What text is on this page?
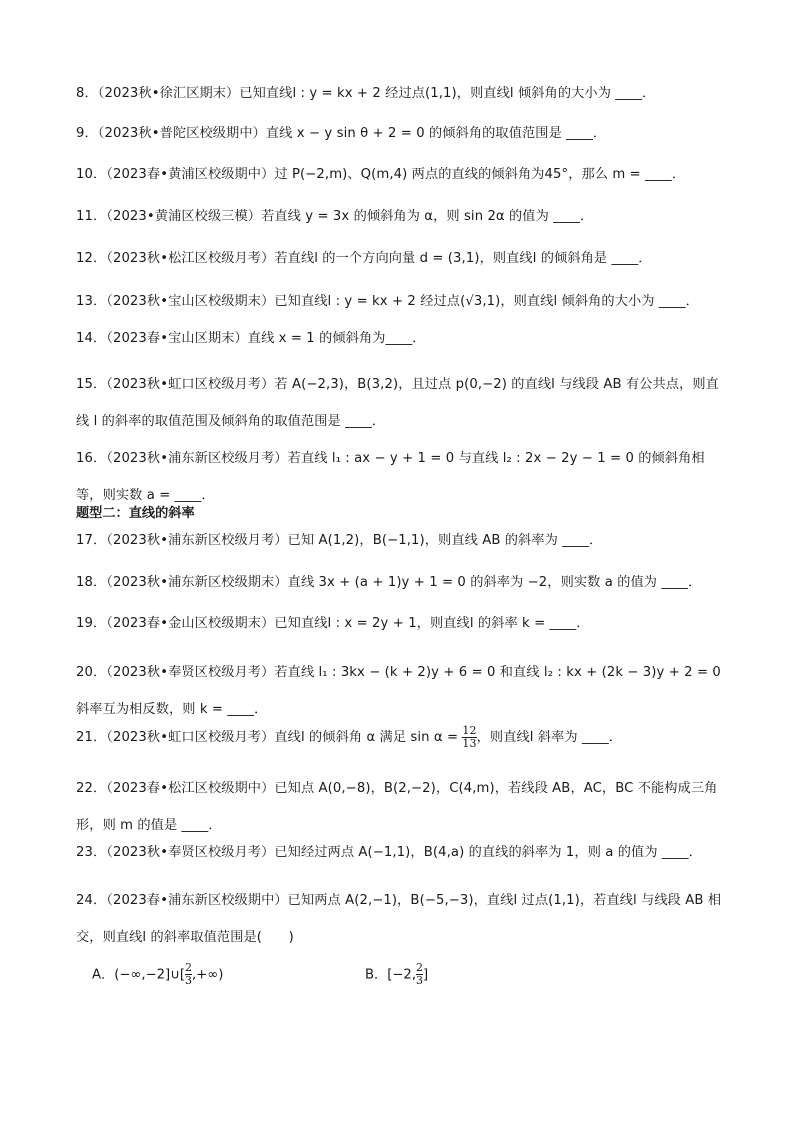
8．（2023秋•徐汇区期末）已知直线l : y = kx + 2 经过点(1,1)，则直线l 倾斜角的大小为 ____．
9．（2023秋•普陀区校级期中）直线 x − y sin θ + 2 = 0 的倾斜角的取值范围是 ____．
10．（2023春•黄浦区校级期中）过 P(−2,m)、Q(m,4) 两点的直线的倾斜角为45°，那么 m = ____．
11．（2023•黄浦区校级三模）若直线 y = 3x 的倾斜角为 α，则 sin 2α 的值为 ____．
12．（2023秋•松江区校级月考）若直线l 的一个方向向量 d = (3,1)，则直线l 的倾斜角是 ____．
13．（2023秋•宝山区校级期末）已知直线l : y = kx + 2 经过点(√3,1)，则直线l 倾斜角的大小为 ____．
14．（2023春•宝山区期末）直线 x = 1 的倾斜角为____．
15．（2023秋•虹口区校级月考）若 A(−2,3)，B(3,2)，且过点 p(0,−2) 的直线l 与线段 AB 有公共点，则直线 l 的斜率的取值范围及倾斜角的取值范围是 ____．
16．（2023秋•浦东新区校级月考）若直线 l₁ : ax − y + 1 = 0 与直线 l₂ : 2x − 2y − 1 = 0 的倾斜角相等，则实数 a = ____．
题型二：直线的斜率
17．（2023秋•浦东新区校级月考）已知 A(1,2)，B(−1,1)，则直线 AB 的斜率为 ____．
18．（2023秋•浦东新区校级期末）直线 3x + (a + 1)y + 1 = 0 的斜率为 −2，则实数 a 的值为 ____．
19．（2023春•金山区校级期末）已知直线l : x = 2y + 1，则直线l 的斜率 k = ____．
20．（2023秋•奉贤区校级月考）若直线 l₁ : 3kx − (k + 2)y + 6 = 0 和直线 l₂ : kx + (2k − 3)y + 2 = 0 斜率互为相反数，则 k = ____．
21．（2023秋•虹口区校级月考）直线l 的倾斜角 α 满足 $\sin \alpha = \frac{12}{13}$ ，则直线l 斜率为 ____．
22．（2023春•松江区校级期中）已知点 A(0,−8)，B(2,−2)，C(4,m)，若线段 AB，AC，BC 不能构成三角形，则 m 的值是 ____．
23．（2023秋•奉贤区校级月考）已知经过两点 A(−1,1)，B(4,a) 的直线的斜率为 1，则 a 的值为 ____．
24．（2023春•浦东新区校级期中）已知两点 A(2,−1)，B(−5,−3)，直线l 过点(1,1)，若直线l 与线段 AB 相交，则直线l 的斜率取值范围是(　　)
A．(−∞,−2]∪[ $\frac{2}{3}$ ,+∞)	B．[−2, $\frac{2}{3}$ ]
